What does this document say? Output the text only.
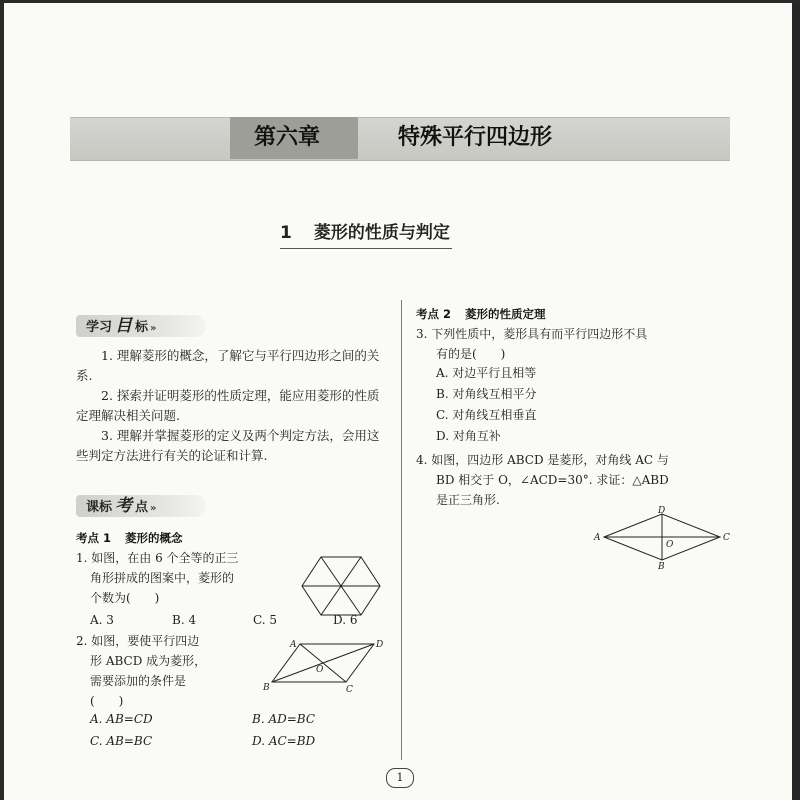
第六章	特殊平行四边形
1 菱形的性质与判定
学习 目 标 »

1. 理解菱形的概念，了解它与平行四边形之间的关系.

2. 探索并证明菱形的性质定理，能应用菱形的性质定理解决相关问题.

3. 理解并掌握菱形的定义及两个判定方法，会用这些判定方法进行有关的论证和计算.

课标 考 点 »
考点 1 菱形的概念
1. 如图，在由 6 个全等的正三
角形拼成的图案中，菱形的
个数为(　　)
A. 3	B. 4	C. 5	D. 6
2. 如图，要使平行四边
形 ABCD 成为菱形，
需要添加的条件是
(　　)
A	D
B	C
O
A. AB=CD	B. AD=BC
C. AB=BC	D. AC=BD
考点 2 菱形的性质定理
3. 下列性质中，菱形具有而平行四边形不具
有的是(　　)
A. 对边平行且相等
B. 对角线互相平分
C. 对角线互相垂直
D. 对角互补
4. 如图，四边形 ABCD 是菱形，对角线 AC 与
BD 相交于 O，∠ACD=30°. 求证：△ABD
是正三角形.
A
D
C
B
O
1
